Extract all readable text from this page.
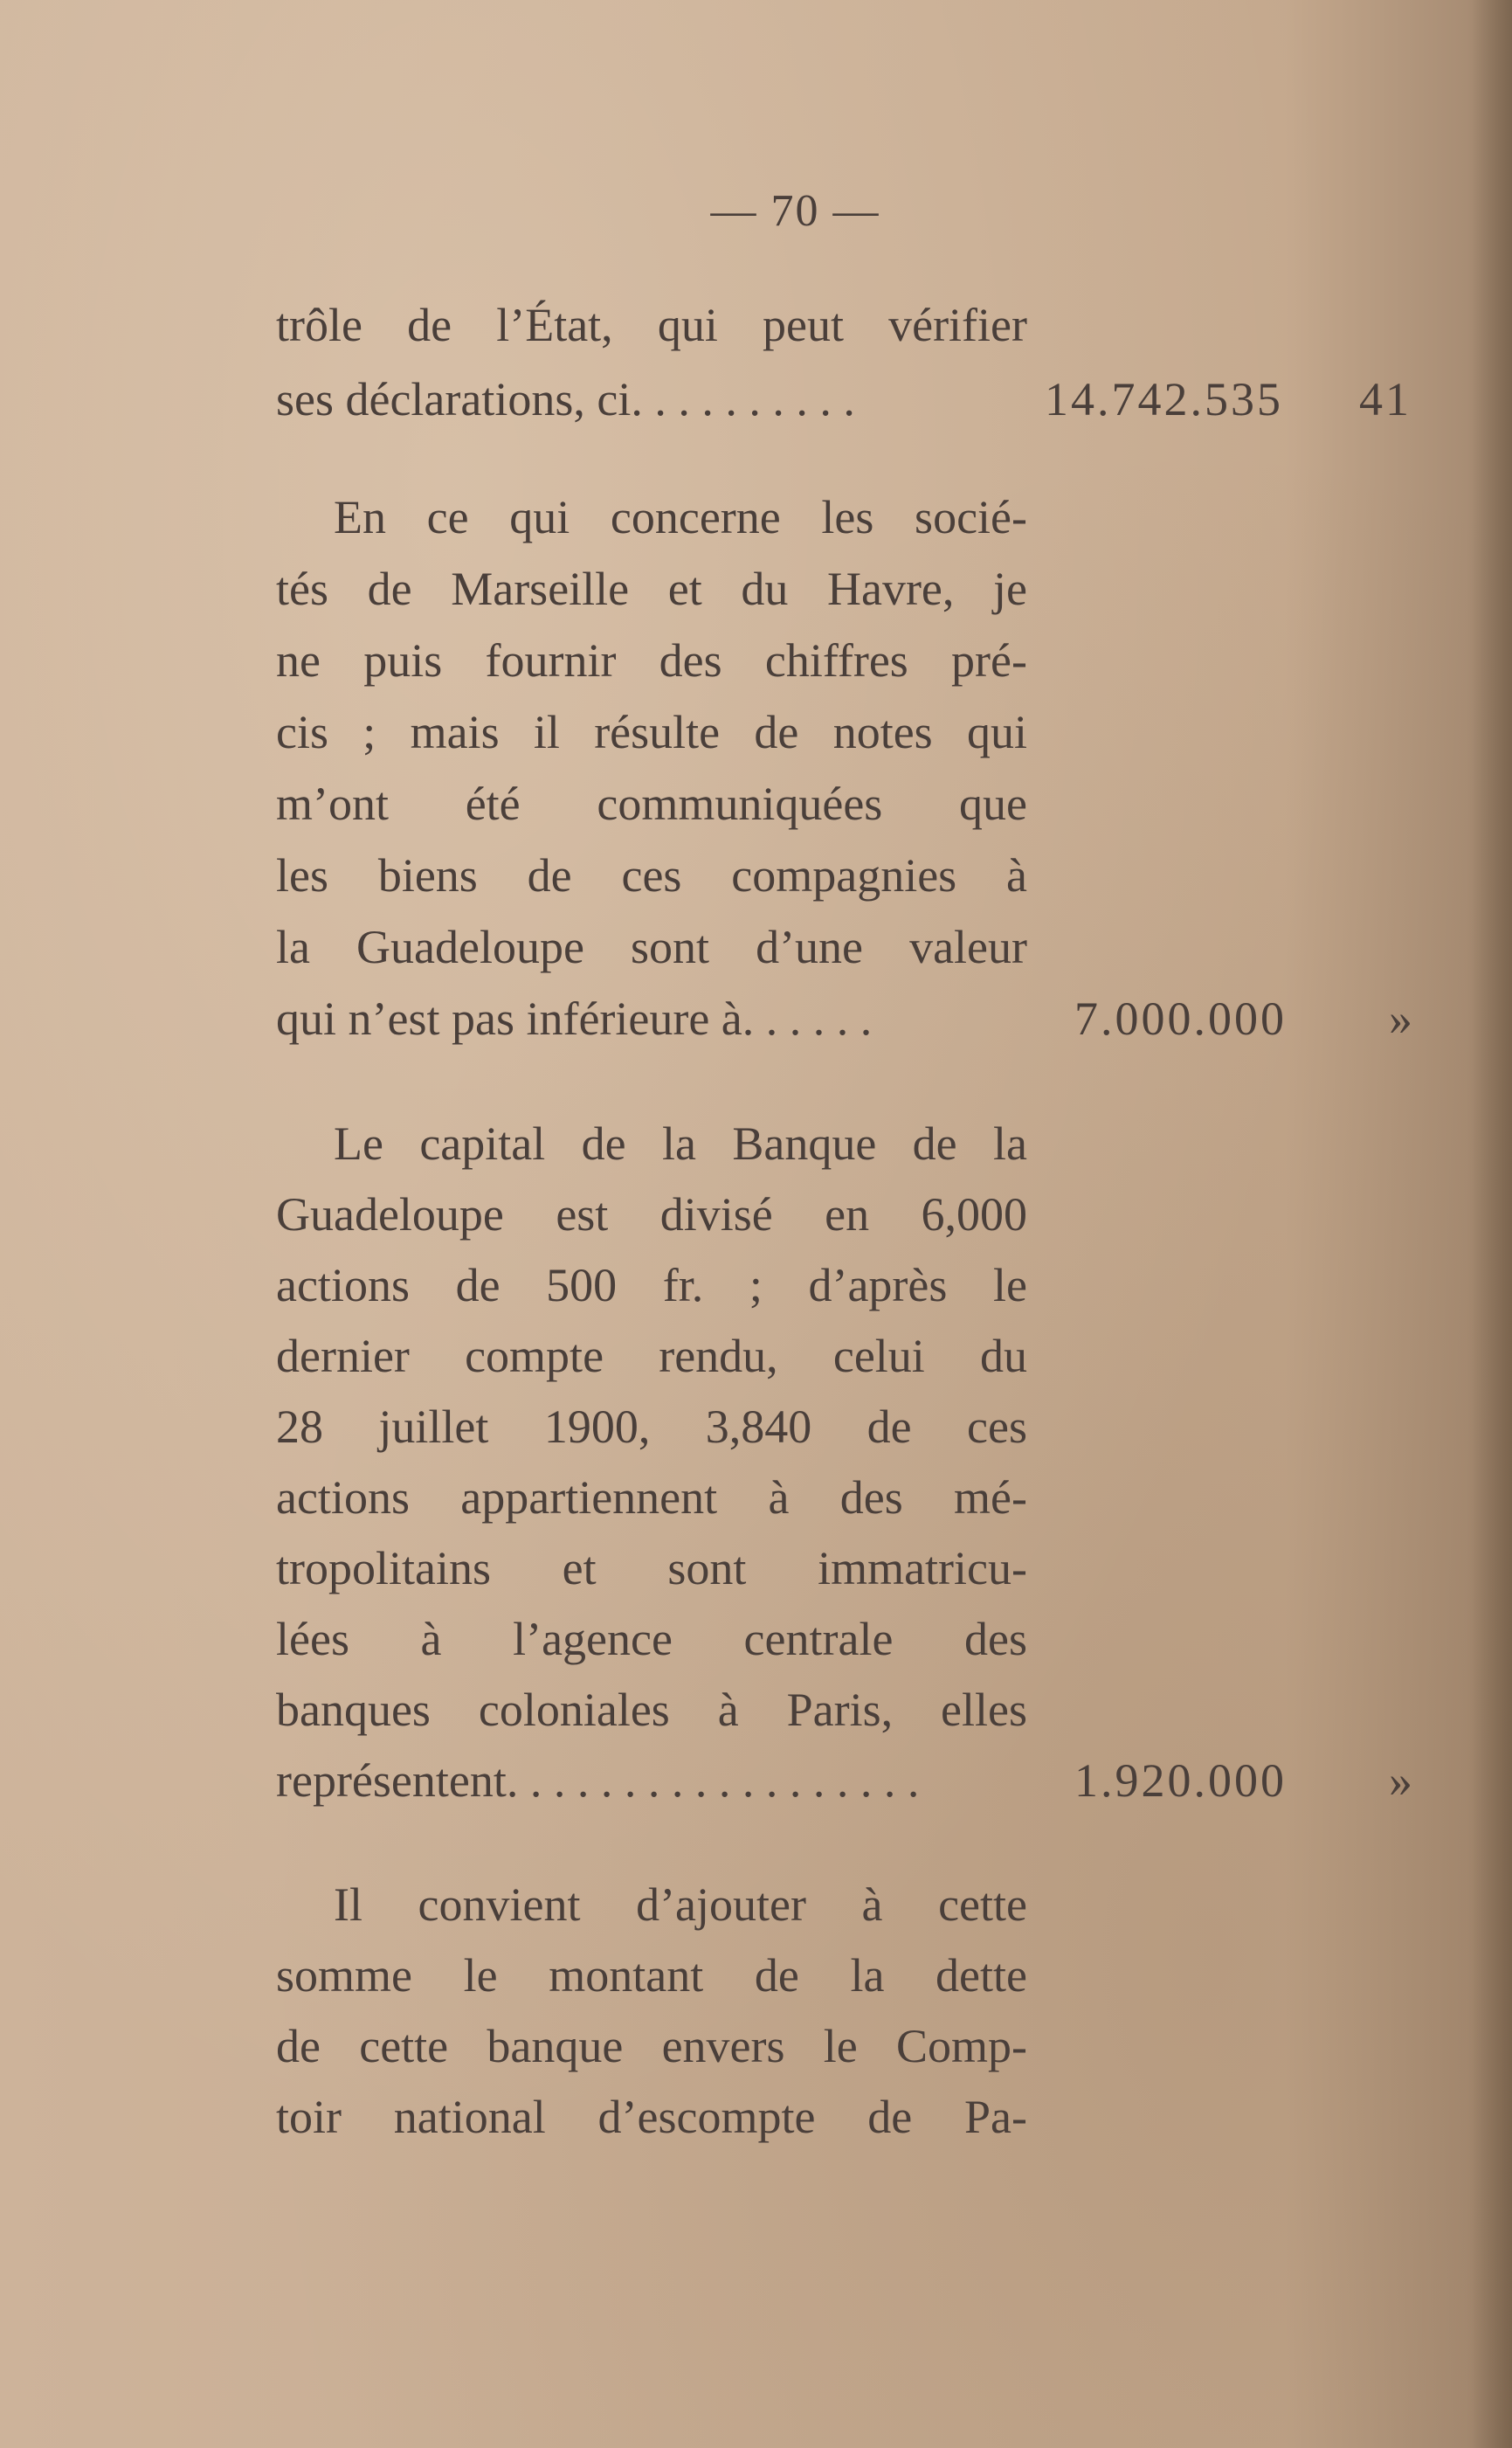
— 70 —
trôle de l’État, qui peut vérifier
ses déclarations, ci. . . . . . . . . .	14.742.535 41
En ce qui concerne les socié-
tés de Marseille et du Havre, je
ne puis fournir des chiffres pré-
cis ; mais il résulte de notes qui
m’ont été communiquées que
les biens de ces compagnies à
la Guadeloupe sont d’une valeur
qui n’est pas inférieure à. . . . . .	7.000.000 »
Le capital de la Banque de la
Guadeloupe est divisé en 6,000
actions de 500 fr. ; d’après le
dernier compte rendu, celui du
28 juillet 1900, 3,840 de ces
actions appartiennent à des mé-
tropolitains et sont immatricu-
lées à l’agence centrale des
banques coloniales à Paris, elles
représentent. . . . . . . . . . . . . . . . . .	1.920.000 »
Il convient d’ajouter à cette
somme le montant de la dette
de cette banque envers le Comp-
toir national d’escompte de Pa-
